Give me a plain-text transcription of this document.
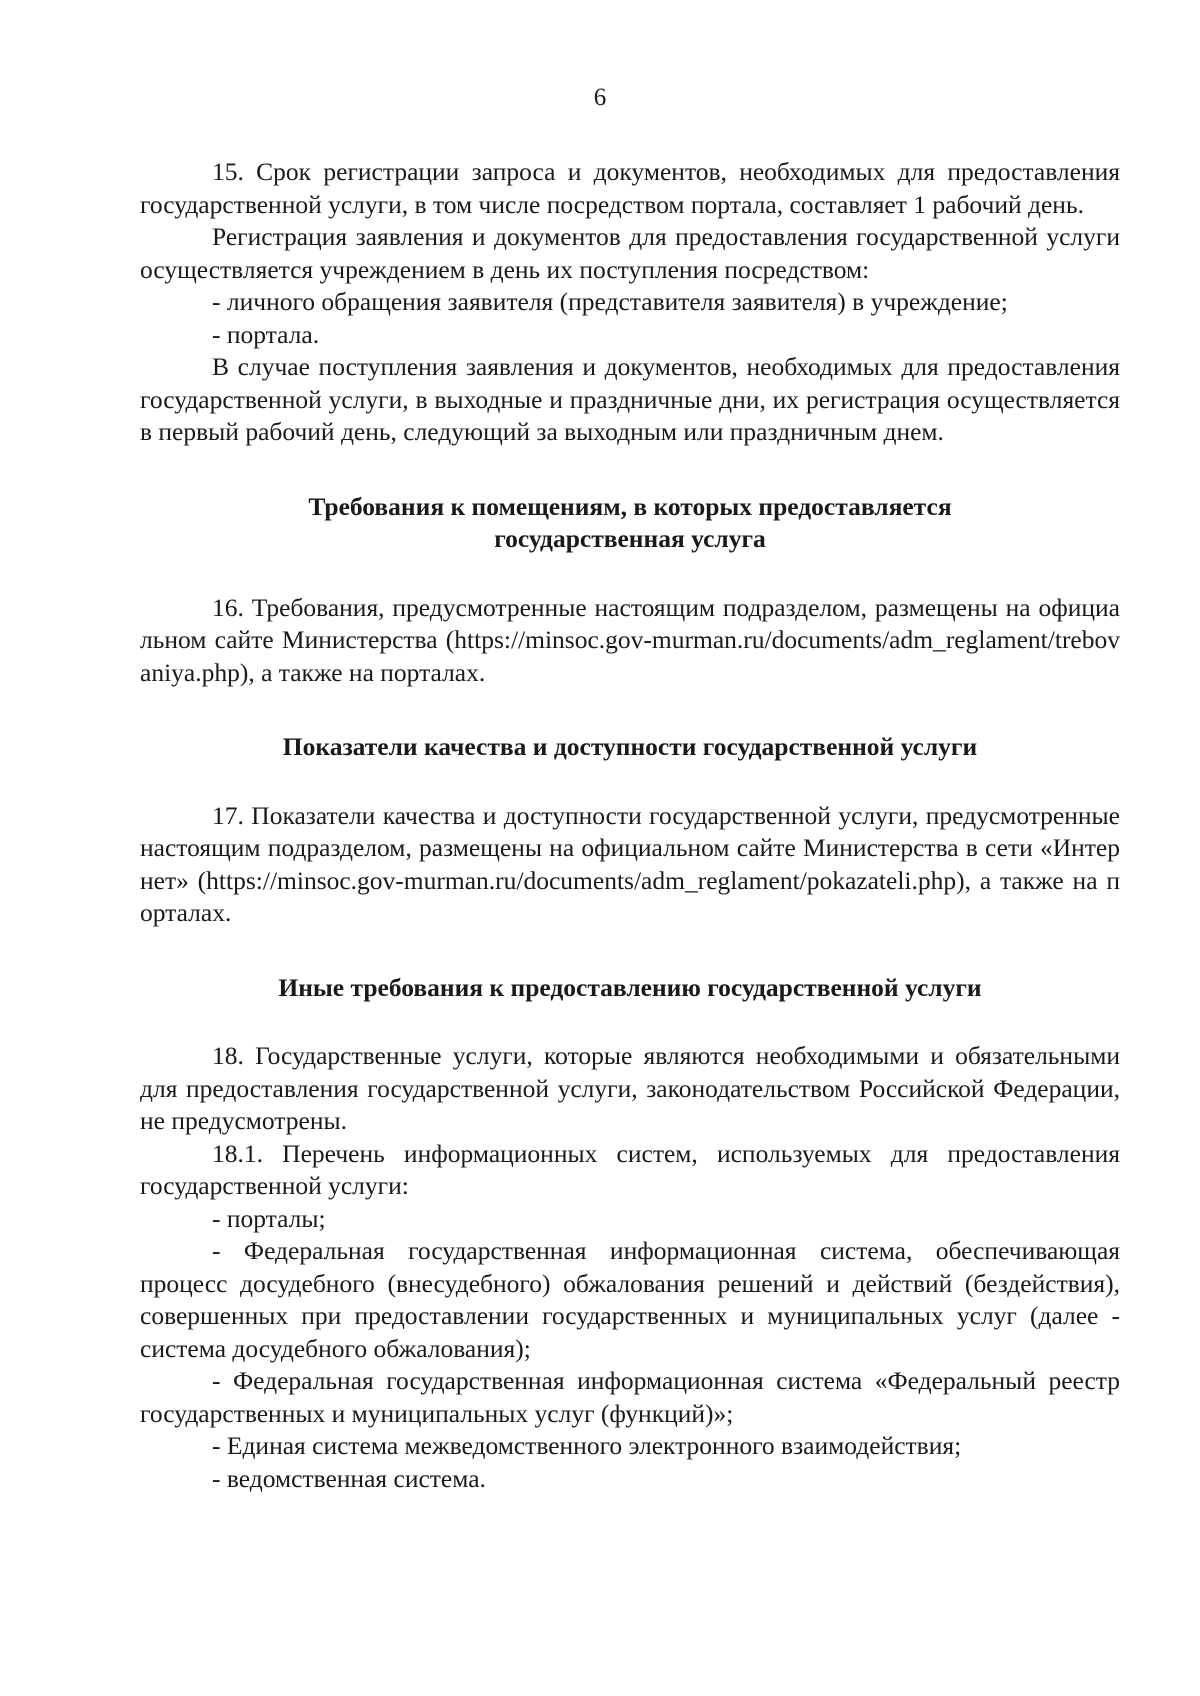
6

15. Срок регистрации запроса и документов, необходимых для предоставления государственной услуги, в том числе посредством портала, составляет 1 рабочий день.

Регистрация заявления и документов для предоставления государственной услуги осуществляется учреждением в день их поступления посредством:

- личного обращения заявителя (представителя заявителя) в учреждение;

- портала.

В случае поступления заявления и документов, необходимых для предоставления государственной услуги, в выходные и праздничные дни, их регистрация осуществляется в первый рабочий день, следующий за выходным или праздничным днем.

Требования к помещениям, в которых предоставляется

государственная услуга

16. Требования, предусмотренные настоящим подразделом, размещены на официальном сайте Министерства (https://minsoc.gov-murman.ru/documents/adm_reglament/trebovaniya.php), а также на порталах.

Показатели качества и доступности государственной услуги

17. Показатели качества и доступности государственной услуги, предусмотренные настоящим подразделом, размещены на официальном сайте Министерства в сети «Интернет» (https://minsoc.gov-murman.ru/documents/adm_reglament/pokazateli.php), а также на порталах.

Иные требования к предоставлению государственной услуги

18. Государственные услуги, которые являются необходимыми и обязательными для предоставления государственной услуги, законодательством Российской Федерации, не предусмотрены.

18.1. Перечень информационных систем, используемых для предоставления государственной услуги:

- порталы;

- Федеральная государственная информационная система, обеспечивающая процесс досудебного (внесудебного) обжалования решений и действий (бездействия), совершенных при предоставлении государственных и муниципальных услуг (далее - система досудебного обжалования);

- Федеральная государственная информационная система «Федеральный реестр государственных и муниципальных услуг (функций)»;

- Единая система межведомственного электронного взаимодействия;

- ведомственная система.
